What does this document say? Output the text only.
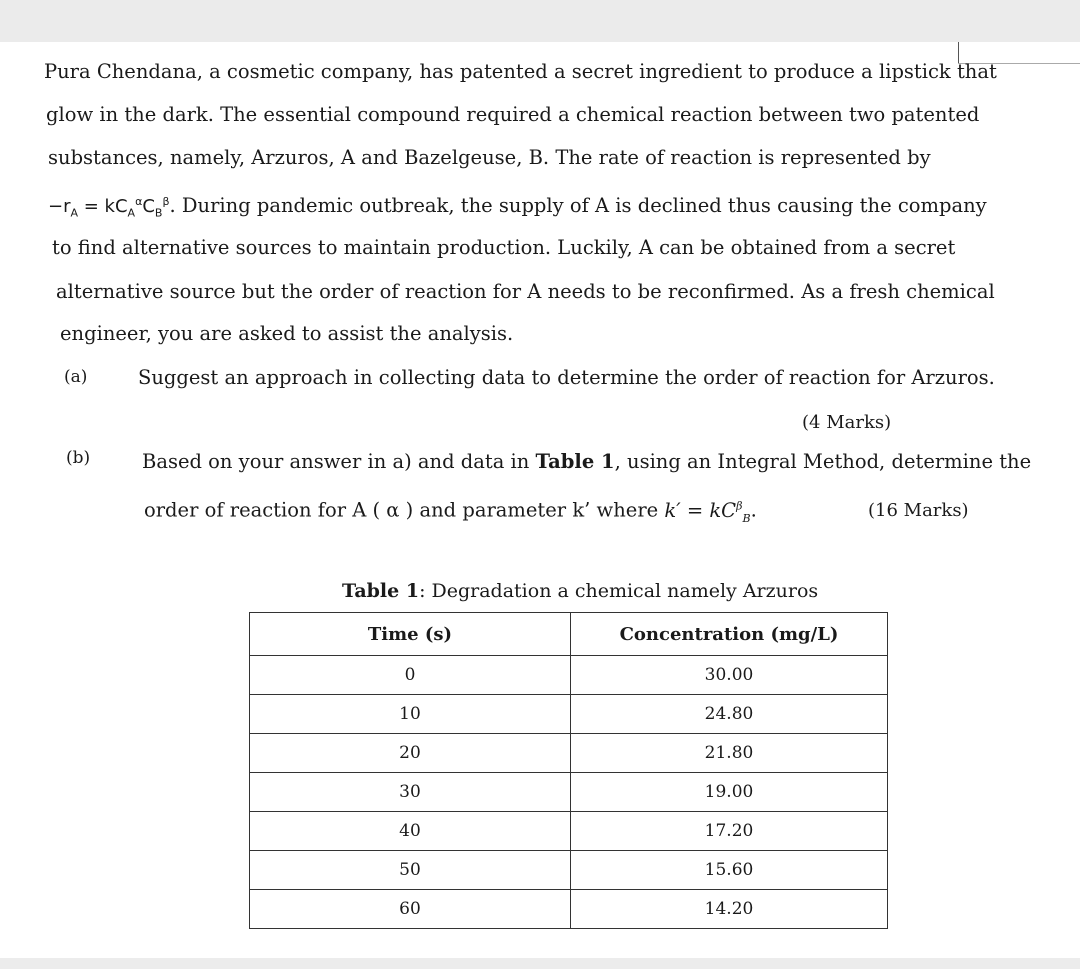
Pura Chendana, a cosmetic company, has patented a secret ingredient to produce a lipstick that
glow in the dark. The essential compound required a chemical reaction between two patented
substances, namely, Arzuros, A and Bazelgeuse, B. The rate of reaction is represented by
$-r_A = kC_A^\alpha C_B^\beta$. During pandemic outbreak, the supply of A is declined thus causing the company
to find alternative sources to maintain production. Luckily, A can be obtained from a secret
alternative source but the order of reaction for A needs to be reconfirmed. As a fresh chemical
engineer, you are asked to assist the analysis.
(a)	Suggest an approach in collecting data to determine the order of reaction for Arzuros.
(4 Marks)
(b)	Based on your answer in a) and data in Table 1, using an Integral Method, determine the
order of reaction for A ( α ) and parameter k’ where $k' = kC^\beta_B$.	(16 Marks)
Table 1: Degradation a chemical namely Arzuros
Time (s)	Concentration (mg/L)
0	30.00
10	24.80
20	21.80
30	19.00
40	17.20
50	15.60
60	14.20
